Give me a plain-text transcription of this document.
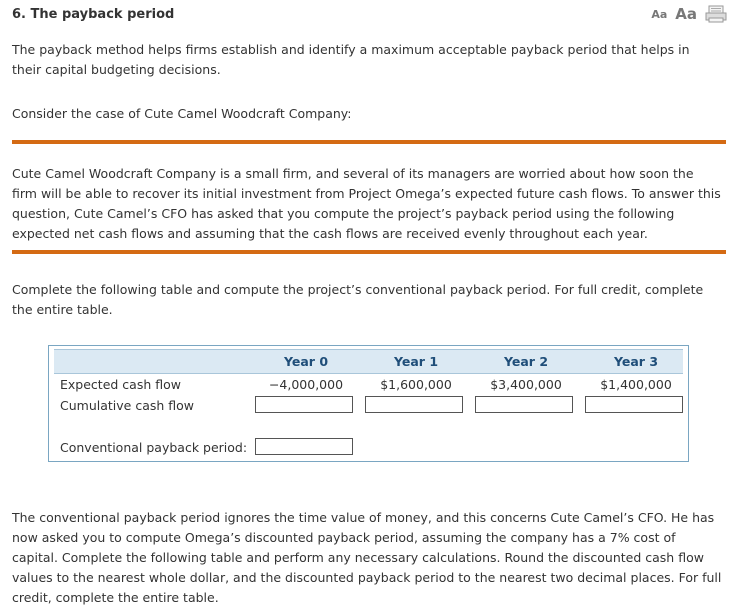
6. The payback period	Aa Aa

The payback method helps firms establish and identify a maximum acceptable payback period that helps in their capital budgeting decisions.

Consider the case of Cute Camel Woodcraft Company:

Cute Camel Woodcraft Company is a small firm, and several of its managers are worried about how soon the firm will be able to recover its initial investment from Project Omega’s expected future cash flows. To answer this question, Cute Camel’s CFO has asked that you compute the project’s payback period using the following expected net cash flows and assuming that the cash flows are received evenly throughout each year.

Complete the following table and compute the project’s conventional payback period. For full credit, complete the entire table.

Year 0	Year 1	Year 2	Year 3
Expected cash flow	−4,000,000	$1,600,000	$3,400,000	$1,400,000
Cumulative cash flow
Conventional payback period:

The conventional payback period ignores the time value of money, and this concerns Cute Camel’s CFO. He has now asked you to compute Omega’s discounted payback period, assuming the company has a 7% cost of capital. Complete the following table and perform any necessary calculations. Round the discounted cash flow values to the nearest whole dollar, and the discounted payback period to the nearest two decimal places. For full credit, complete the entire table.
